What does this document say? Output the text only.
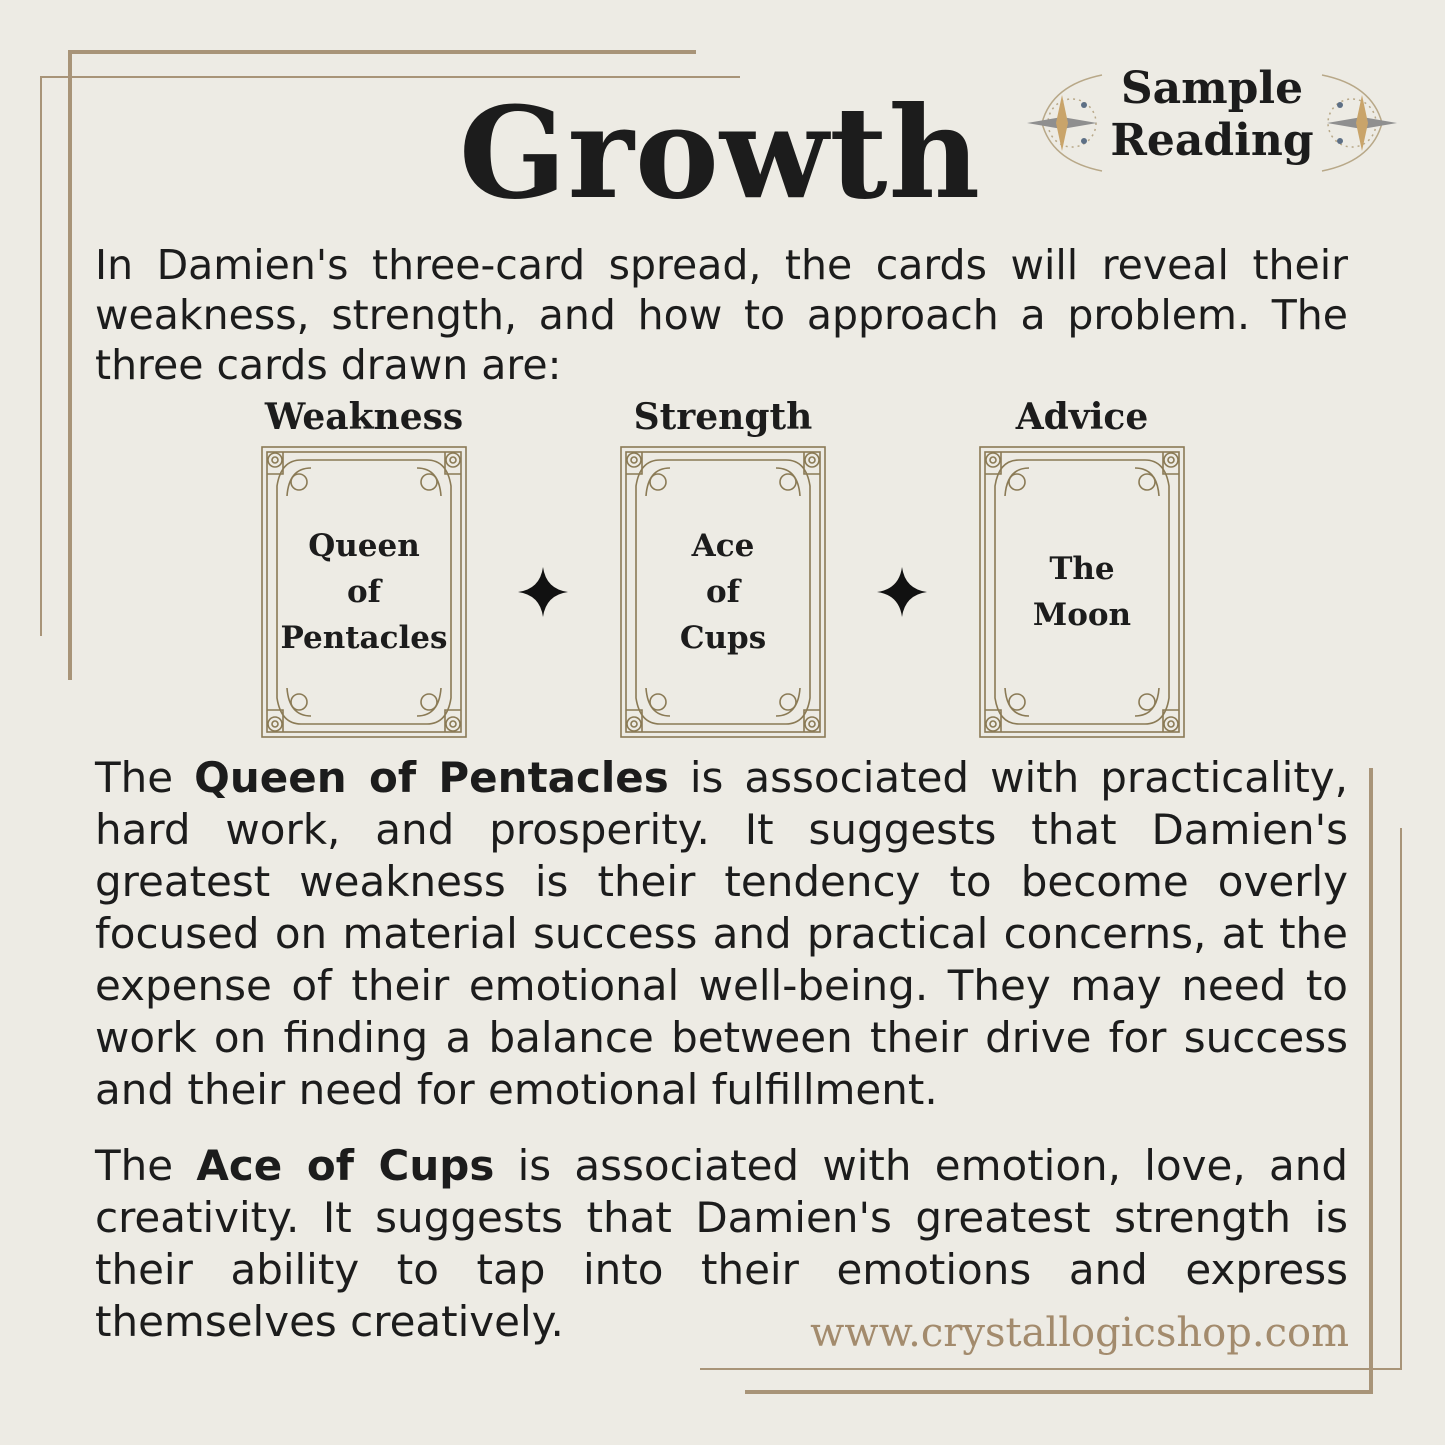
Growth	Sample
Reading
In Damien's three-card spread, the cards will reveal their weakness, strength, and how to approach a problem. The three cards drawn are:
Weakness	Strength	Advice
Queen
of
Pentacles
Ace
of
Cups
The
Moon
The Queen of Pentacles is associated with practicality, hard work, and prosperity. It suggests that Damien's greatest weakness is their tendency to become overly focused on material success and practical concerns, at the expense of their emotional well-being. They may need to work on finding a balance between their drive for success and their need for emotional fulfillment.
The Ace of Cups is associated with emotion, love, and creativity. It suggests that Damien's greatest strength is their ability to tap into their emotions and express themselves creatively.	www.crystallogicshop.com
